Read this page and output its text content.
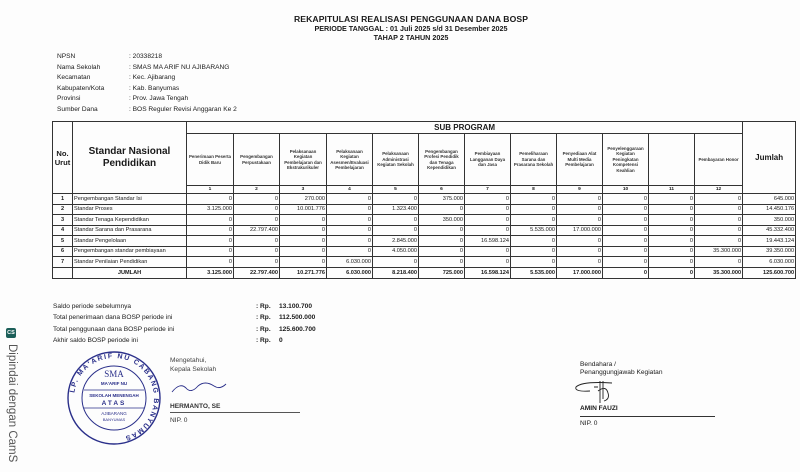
REKAPITULASI REALISASI PENGGUNAAN DANA BOSP
PERIODE TANGGAL : 01 Juli 2025 s/d 31 Desember 2025
TAHAP 2 TAHUN 2025
NPSN	: 20338218
Nama Sekolah	: SMAS MA ARIF NU AJIBARANG
Kecamatan	: Kec. Ajibarang
Kabupaten/Kota	: Kab. Banyumas
Provinsi	: Prov. Jawa Tengah
Sumber Dana	: BOS Reguler Revisi Anggaran Ke 2
No. Urut	Standar Nasional Pendidikan	SUB PROGRAM												Jumlah
		Penerimaan Peserta Didik Baru	Pengembangan Perpustakaan	Pelaksanaan Kegiatan Pembelajaran dan Ekstrakurikuler	Pelaksanaan Kegiatan Asesmen/Evaluasi Pembelajaran	Pelaksanaan Administrasi Kegiatan Sekolah	Pengembangan Profesi Pendidik dan Tenaga Kependidikan	Pembiayaan Langganan Daya dan Jasa	Pemeliharaan Sarana dan Prasarana Sekolah	Penyediaan Alat Multi Media Pembelajaran	Penyelenggaraan Kegiatan Peningkatan Kompetensi Keahlian		Pembayaran Honor	
		1	2	3	4	5	6	7	8	9	10	11	12	
1	Pengembangan Standar Isi	0	0	270.000	0	0	375.000	0	0	0	0	0	0	645.000
2	Standar Proses	3.125.000	0	10.001.776	0	1.323.400	0	0	0	0	0	0	0	14.450.176
3	Standar Tenaga Kependidikan	0	0	0	0	0	350.000	0	0	0	0	0	0	350.000
4	Standar Sarana dan Prasarana	0	22.797.400	0	0	0	0	0	5.535.000	17.000.000	0	0	0	45.332.400
5	Standar Pengelolaan	0	0	0	0	2.845.000	0	16.598.124	0	0	0	0	0	19.443.124
6	Pengembangan standar pembiayaan	0	0	0	0	4.050.000	0	0	0	0	0	0	35.300.000	39.350.000
7	Standar Penilaian Pendidikan	0	0	0	6.030.000	0	0	0	0	0	0	0	0	6.030.000
	JUMLAH	3.125.000	22.797.400	10.271.776	6.030.000	8.218.400	725.000	16.598.124	5.535.000	17.000.000	0	0	35.300.000	125.600.700
Saldo periode sebelumnya	: Rp.	13.100.700
Total penerimaan dana BOSP periode ini	: Rp.	112.500.000
Total penggunaan dana BOSP periode ini	: Rp.	125.600.700
Akhir saldo BOSP periode ini	: Rp.	0
LP. MA'ARIF NU CABANG BANYUMAS
SMA
MA'ARIF NU
SEKOLAH MENENGAH
ATAS
AJIBARANG
BANYUMAS
Mengetahui,
Kepala Sekolah
HERMANTO, SE
NIP. 0
Bendahara /
Penanggungjawab Kegiatan
AMIN FAUZI
NIP. 0
CS
Dipindai dengan CamS
